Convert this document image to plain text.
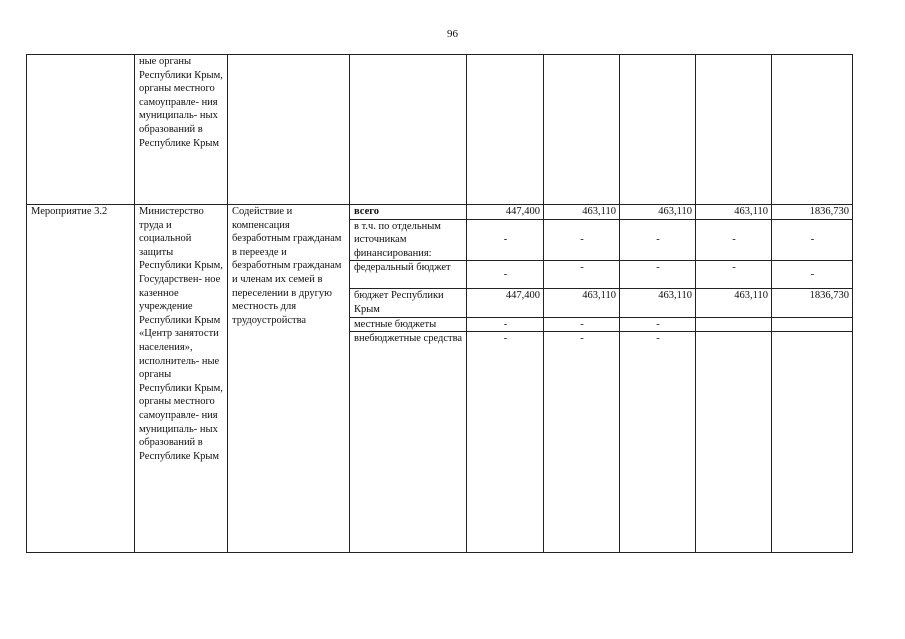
96
	ные органы Республики Крым, органы местного самоуправле- ния муниципаль- ных образований в Республике Крым							
Мероприятие 3.2	Министерство труда и социальной защиты Республики Крым, Государствен- ное казенное учреждение Республики Крым «Центр занятости населения», исполнитель- ные органы Республики Крым, органы местного самоуправле- ния муниципаль- ных образований в Республике Крым	Содействие и компенсация безработным гражданам в переезде и безработным гражданам и членам их семей в переселении в другую местность для трудоустройства	всего	447,400	463,110	463,110	463,110	1836,730
			в т.ч. по отдельным источникам финансирования:	-	-	-	-	-
			федеральный бюджет	-	-	-	-	-
			бюджет Республики Крым	447,400	463,110	463,110	463,110	1836,730
			местные бюджеты	-	-	-		
			внебюджетные средства	-	-	-		
